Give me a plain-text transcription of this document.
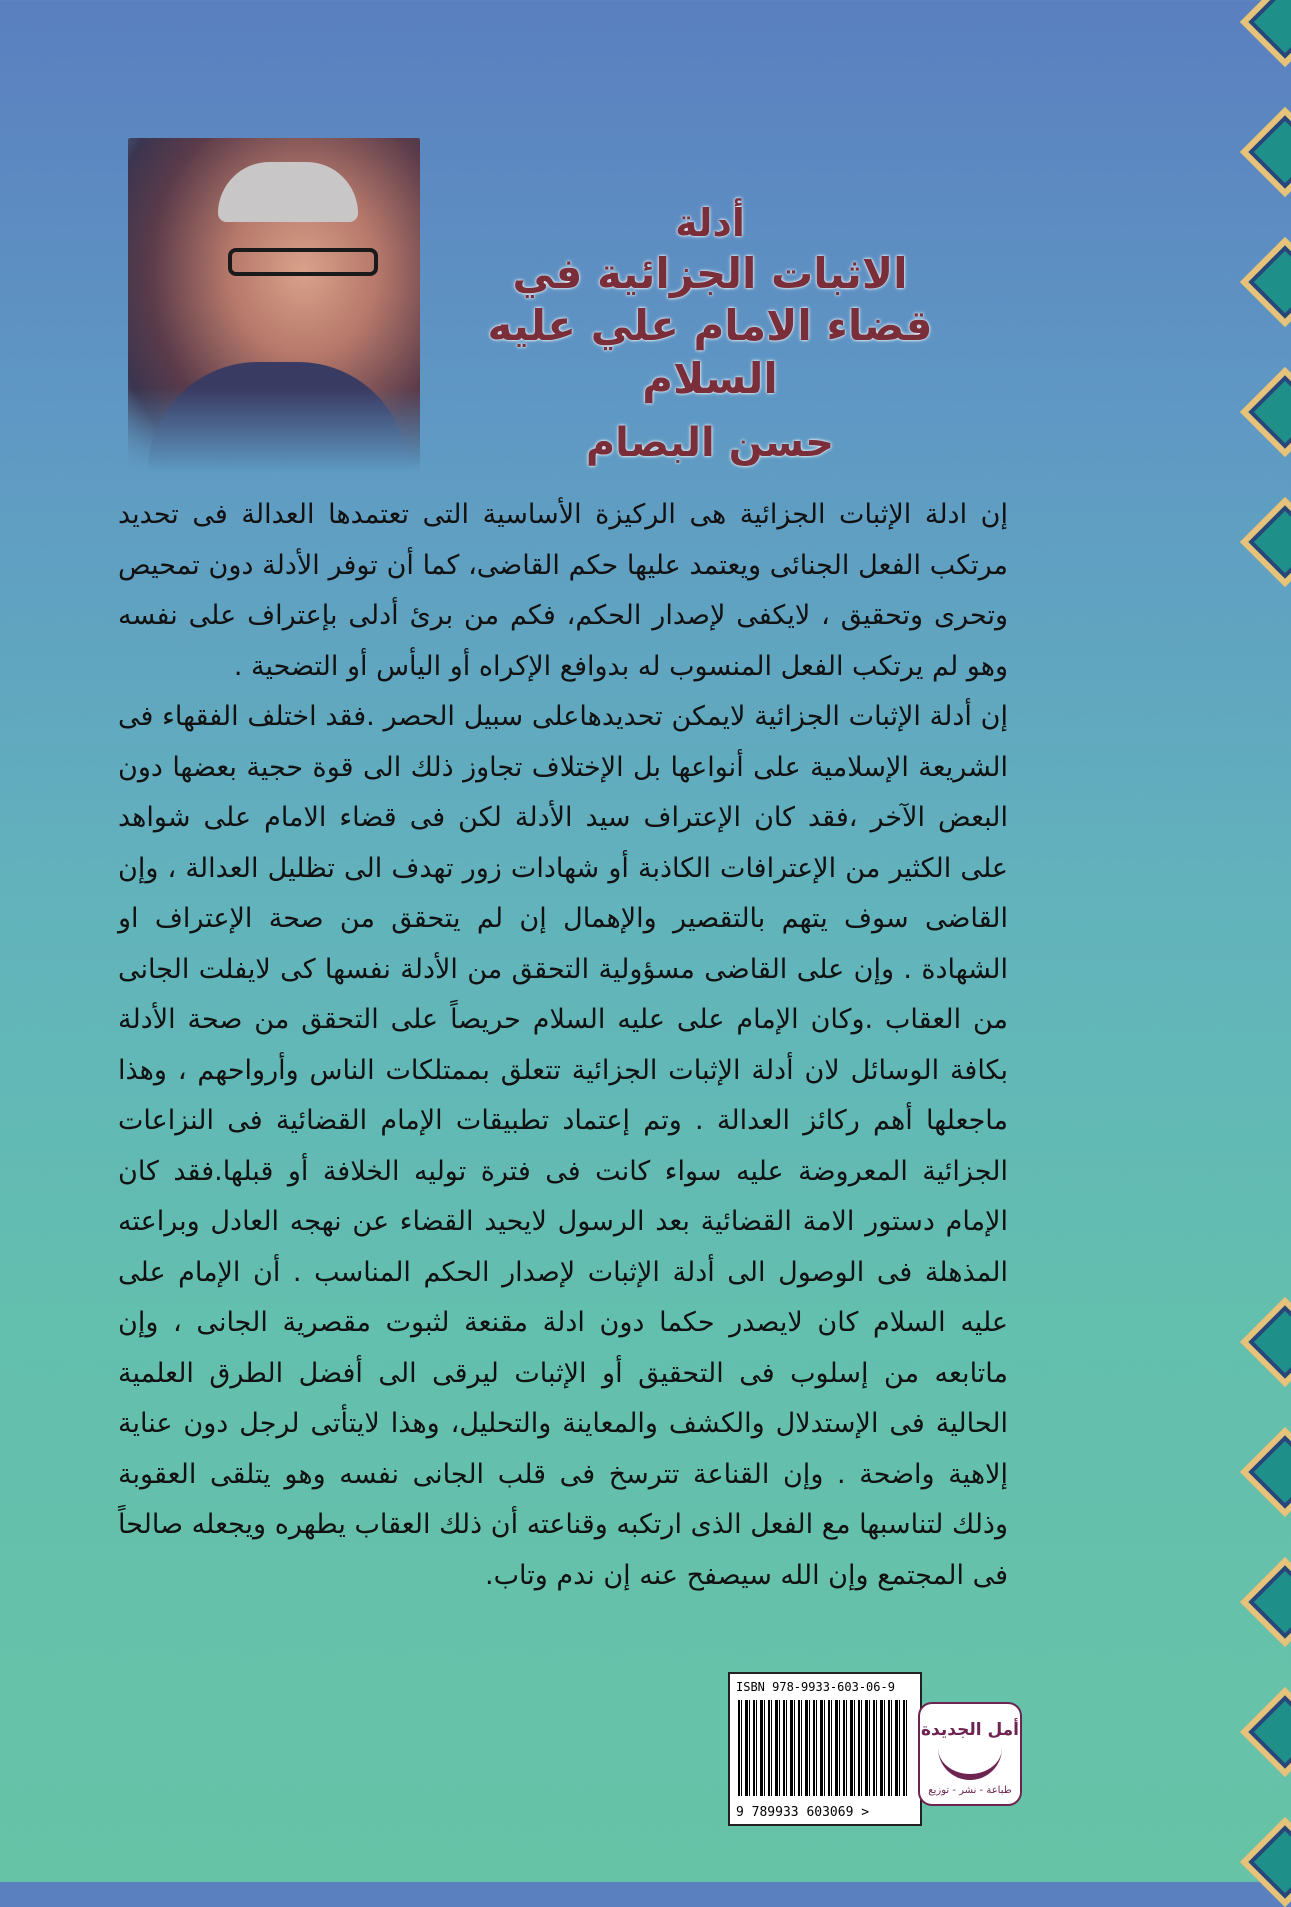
أدلة
الاثبات الجزائية في
قضاء الامام علي عليه السلام
حسن البصام

إن ادلة الإثبات الجزائية هى الركيزة الأساسية التى تعتمدها العدالة فى تحديد مرتكب الفعل الجنائى ويعتمد عليها حكم القاضى، كما أن توفر الأدلة دون تمحيص وتحرى وتحقيق ، لايكفى لإصدار الحكم، فكم من برئ أدلى بإعتراف على نفسه وهو لم يرتكب الفعل المنسوب له بدوافع الإكراه أو اليأس أو التضحية .

إن أدلة الإثبات الجزائية لايمكن تحديدهاعلى سبيل الحصر .فقد اختلف الفقهاء فى الشريعة الإسلامية على أنواعها بل الإختلاف تجاوز ذلك الى قوة حجية بعضها دون البعض الآخر ،فقد كان الإعتراف سيد الأدلة لكن فى قضاء الامام على شواهد على الكثير من الإعترافات الكاذبة أو شهادات زور تهدف الى تظليل العدالة ، وإن القاضى سوف يتهم بالتقصير والإهمال إن لم يتحقق من صحة الإعتراف او الشهادة . وإن على القاضى مسؤولية التحقق من الأدلة نفسها كى لايفلت الجانى من العقاب .وكان الإمام على عليه السلام حريصاً على التحقق من صحة الأدلة بكافة الوسائل لان أدلة الإثبات الجزائية تتعلق بممتلكات الناس وأرواحهم ، وهذا ماجعلها أهم ركائز العدالة . وتم إعتماد تطبيقات الإمام القضائية فى النزاعات الجزائية المعروضة عليه سواء كانت فى فترة توليه الخلافة أو قبلها.فقد كان الإمام دستور الامة القضائية بعد الرسول لايحيد القضاء عن نهجه العادل وبراعته المذهلة فى الوصول الى أدلة الإثبات لإصدار الحكم المناسب . أن الإمام على عليه السلام كان لايصدر حكما دون ادلة مقنعة لثبوت مقصرية الجانى ، وإن ماتابعه من إسلوب فى التحقيق أو الإثبات ليرقى الى أفضل الطرق العلمية الحالية فى الإستدلال والكشف والمعاينة والتحليل، وهذا لايتأتى لرجل دون عناية إلاهية واضحة . وإن القناعة تترسخ فى قلب الجانى نفسه وهو يتلقى العقوبة وذلك لتناسبها مع الفعل الذى ارتكبه وقناعته أن ذلك العقاب يطهره ويجعله صالحاً فى المجتمع وإن الله سيصفح عنه إن ندم وتاب.

ISBN 978-9933-603-06-9
9 789933 603069 >
أمل الجديدة
طباعة - نشر - توزيع
